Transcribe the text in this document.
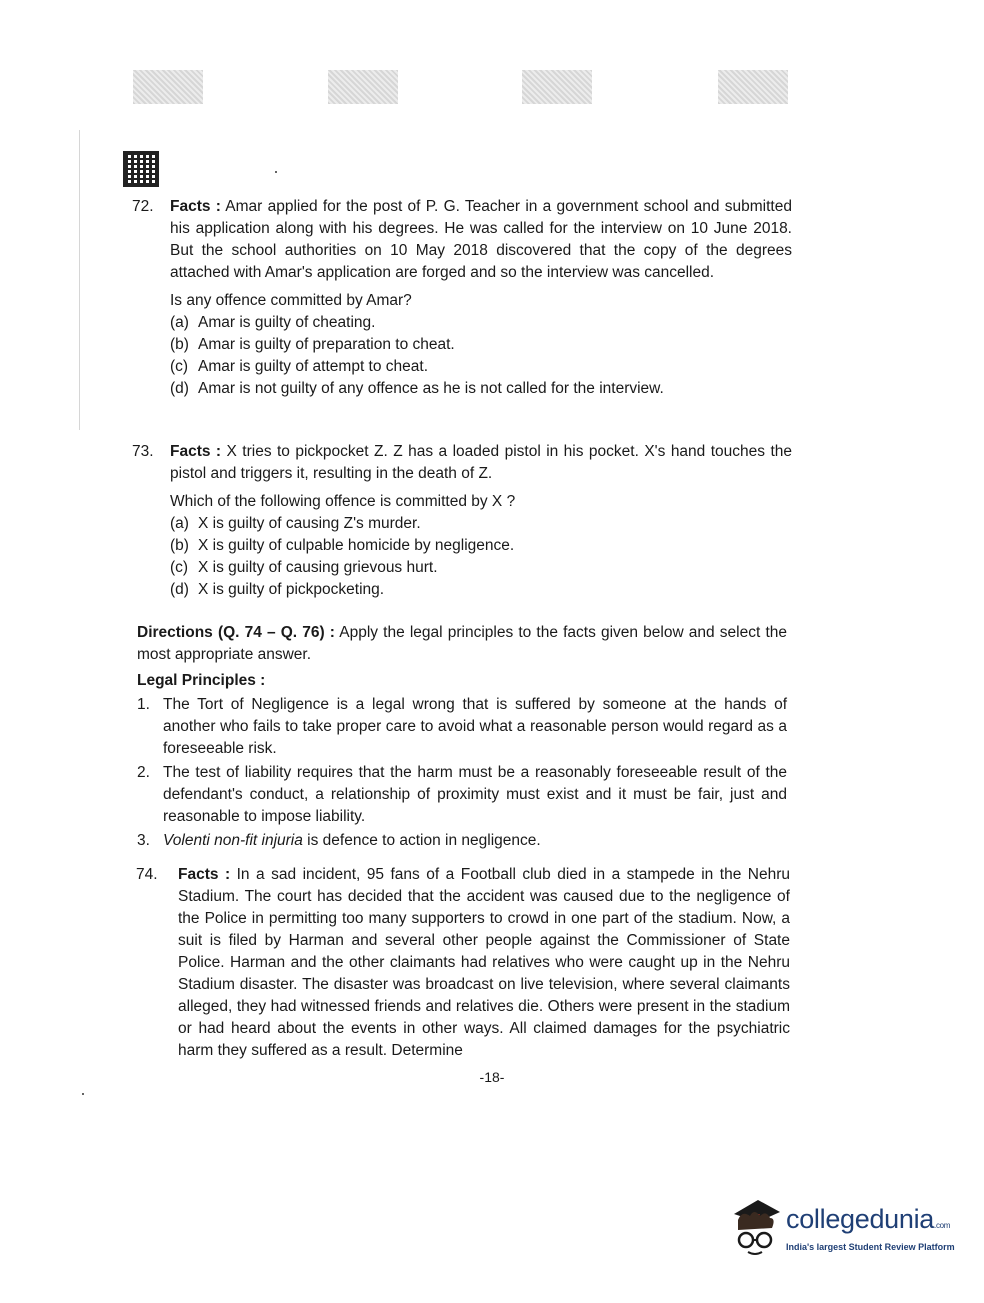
72. Facts : Amar applied for the post of P. G. Teacher in a government school and submitted his application along with his degrees. He was called for the interview on 10 June 2018. But the school authorities on 10 May 2018 discovered that the copy of the degrees attached with Amar's application are forged and so the interview was cancelled.
Is any offence committed by Amar?
(a) Amar is guilty of cheating.
(b) Amar is guilty of preparation to cheat.
(c) Amar is guilty of attempt to cheat.
(d) Amar is not guilty of any offence as he is not called for the interview.
73. Facts : X tries to pickpocket Z. Z has a loaded pistol in his pocket. X's hand touches the pistol and triggers it, resulting in the death of Z.
Which of the following offence is committed by X ?
(a) X is guilty of causing Z's murder.
(b) X is guilty of culpable homicide by negligence.
(c) X is guilty of causing grievous hurt.
(d) X is guilty of pickpocketing.
Directions (Q. 74 – Q. 76) : Apply the legal principles to the facts given below and select the most appropriate answer.
Legal Principles :
1. The Tort of Negligence is a legal wrong that is suffered by someone at the hands of another who fails to take proper care to avoid what a reasonable person would regard as a foreseeable risk.
2. The test of liability requires that the harm must be a reasonably foreseeable result of the defendant's conduct, a relationship of proximity must exist and it must be fair, just and reasonable to impose liability.
3. Volenti non-fit injuria is defence to action in negligence.
74. Facts : In a sad incident, 95 fans of a Football club died in a stampede in the Nehru Stadium. The court has decided that the accident was caused due to the negligence of the Police in permitting too many supporters to crowd in one part of the stadium. Now, a suit is filed by Harman and several other people against the Commissioner of State Police. Harman and the other claimants had relatives who were caught up in the Nehru Stadium disaster. The disaster was broadcast on live television, where several claimants alleged, they had witnessed friends and relatives die. Others were present in the stadium or had heard about the events in other ways. All claimed damages for the psychiatric harm they suffered as a result. Determine
-18-
collegedunia.com
India's largest Student Review Platform
